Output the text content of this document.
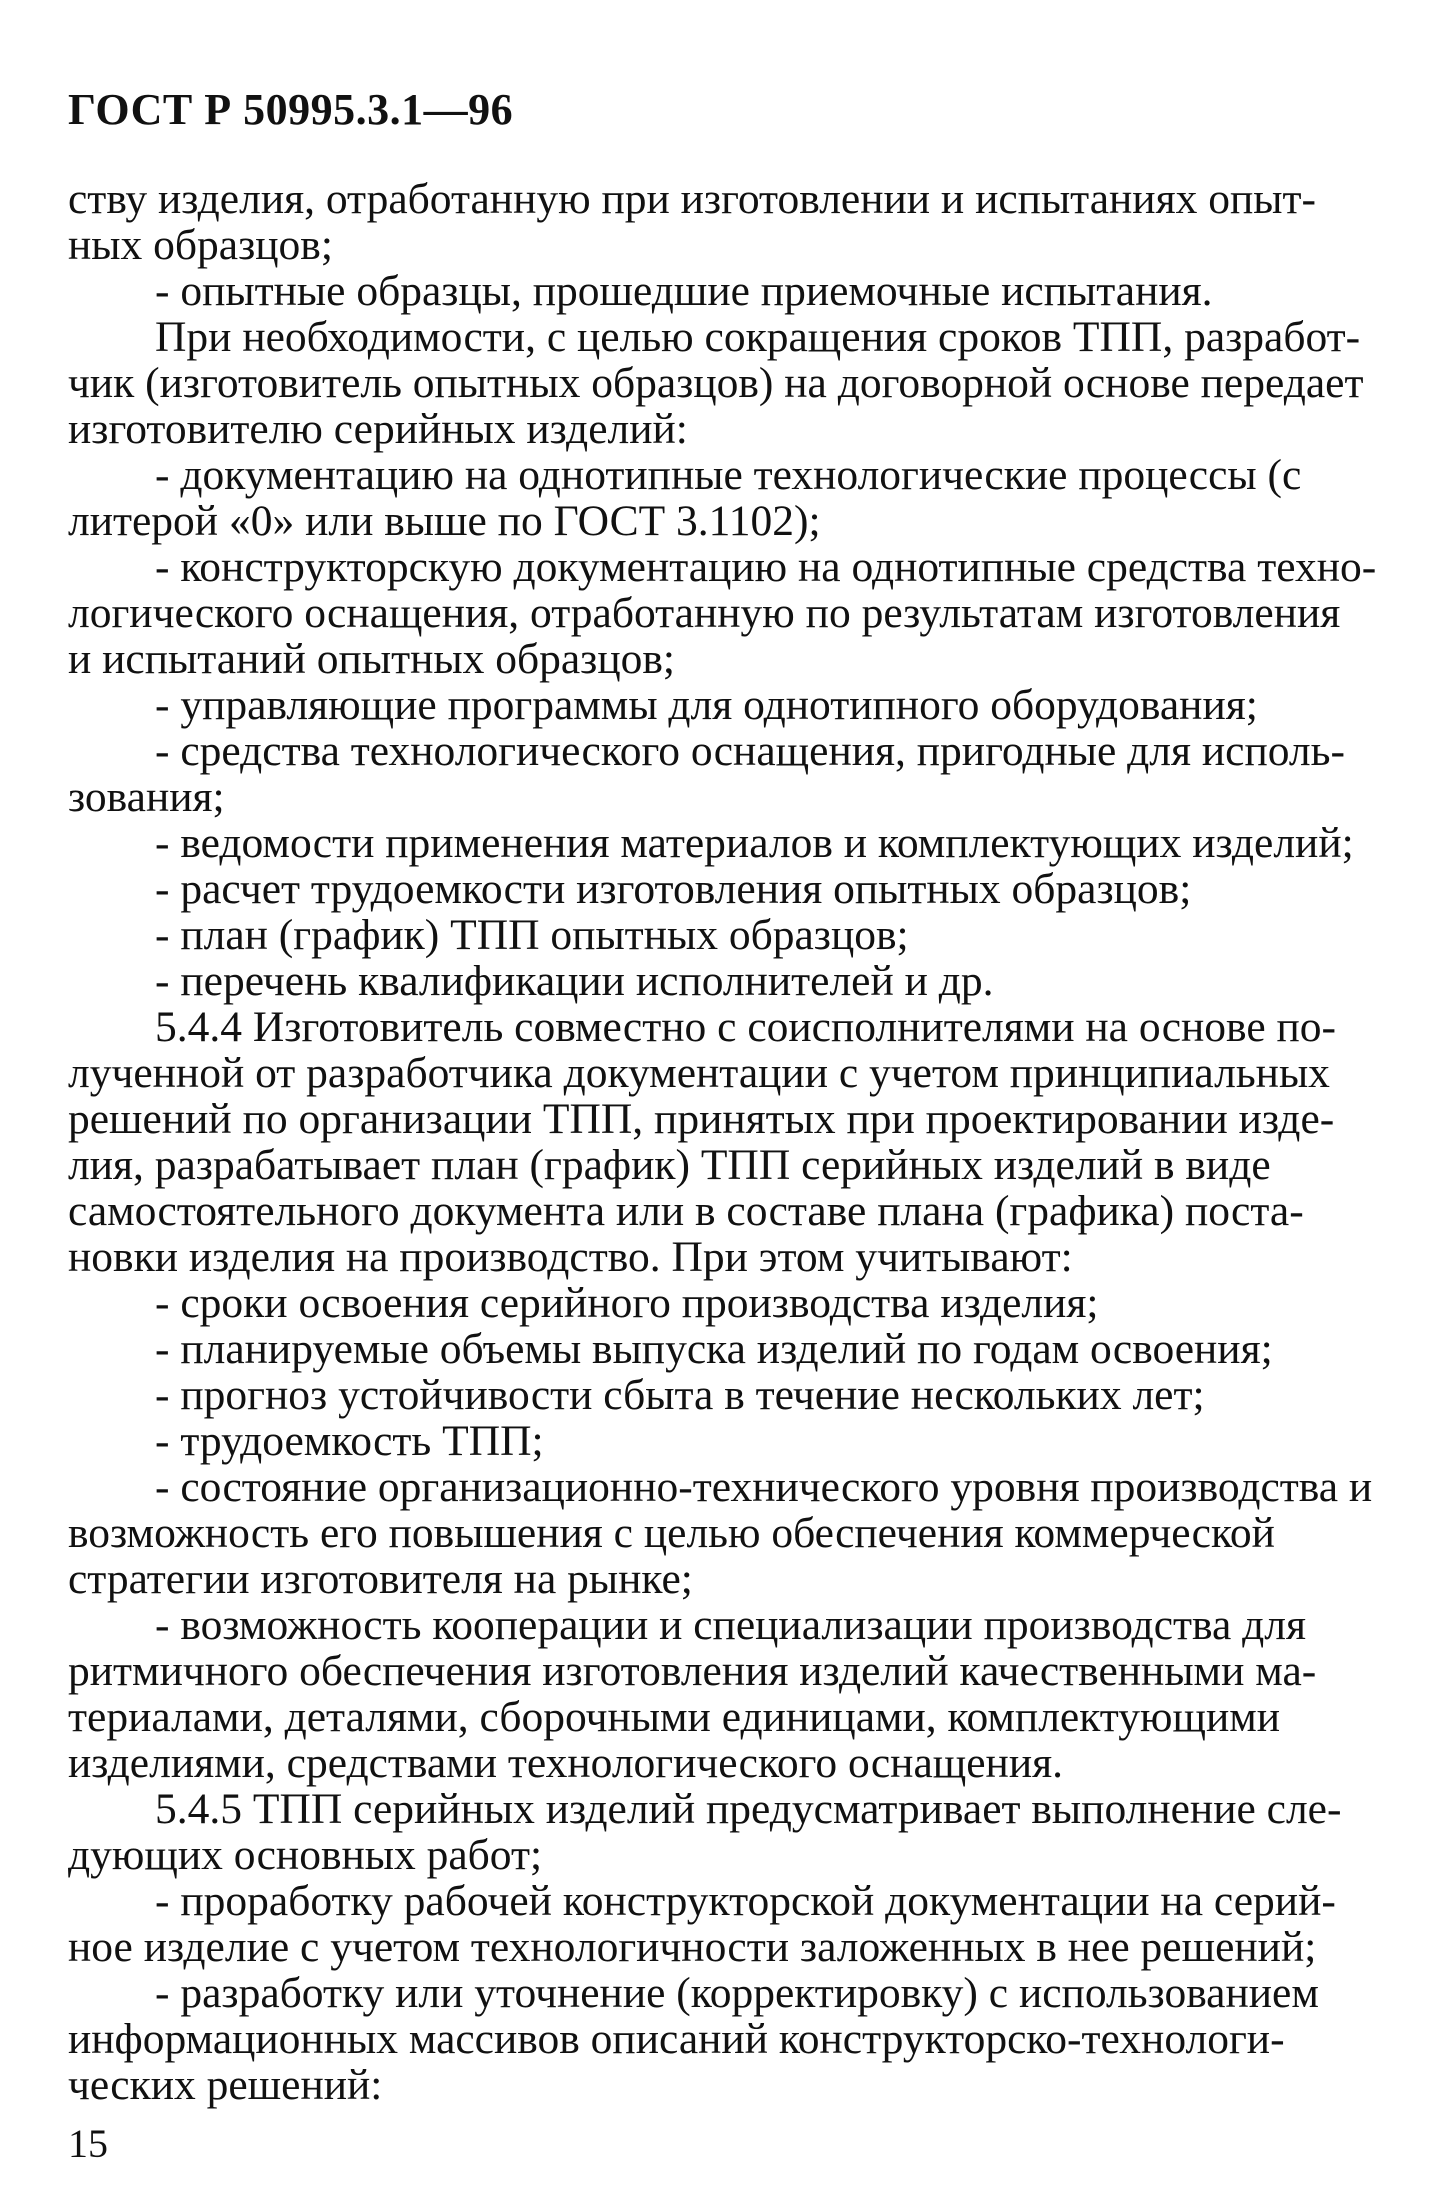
ГОСТ Р 50995.3.1—96

ству изделия, отработанную при изготовлении и испытаниях опыт-

ных образцов;

- опытные образцы, прошедшие приемочные испытания.

При необходимости, с целью сокращения сроков ТПП, разработ-

чик (изготовитель опытных образцов) на договорной основе передает

изготовителю серийных изделий:

- документацию на однотипные технологические процессы (с

литерой «0» или выше по ГОСТ 3.1102);

- конструкторскую документацию на однотипные средства техно-

логического оснащения, отработанную по результатам изготовления

и испытаний опытных образцов;

- управляющие программы для однотипного оборудования;

- средства технологического оснащения, пригодные для исполь-

зования;

- ведомости применения материалов и комплектующих изделий;

- расчет трудоемкости изготовления опытных образцов;

- план (график) ТПП опытных образцов;

- перечень квалификации исполнителей и др.

5.4.4 Изготовитель совместно с соисполнителями на основе по-

лученной от разработчика документации с учетом принципиальных

решений по организации ТПП, принятых при проектировании изде-

лия, разрабатывает план (график) ТПП серийных изделий в виде

самостоятельного документа или в составе плана (графика) поста-

новки изделия на производство. При этом учитывают:

- сроки освоения серийного производства изделия;

- планируемые объемы выпуска изделий по годам освоения;

- прогноз устойчивости сбыта в течение нескольких лет;

- трудоемкость ТПП;

- состояние организационно-технического уровня производства и

возможность его повышения с целью обеспечения коммерческой

стратегии изготовителя на рынке;

- возможность кооперации и специализации производства для

ритмичного обеспечения изготовления изделий качественными ма-

териалами, деталями, сборочными единицами, комплектующими

изделиями, средствами технологического оснащения.

5.4.5 ТПП серийных изделий предусматривает выполнение сле-

дующих основных работ;

- проработку рабочей конструкторской документации на серий-

ное изделие с учетом технологичности заложенных в нее решений;

- разработку или уточнение (корректировку) с использованием

информационных массивов описаний конструкторско-технологи-

ческих решений:

15
